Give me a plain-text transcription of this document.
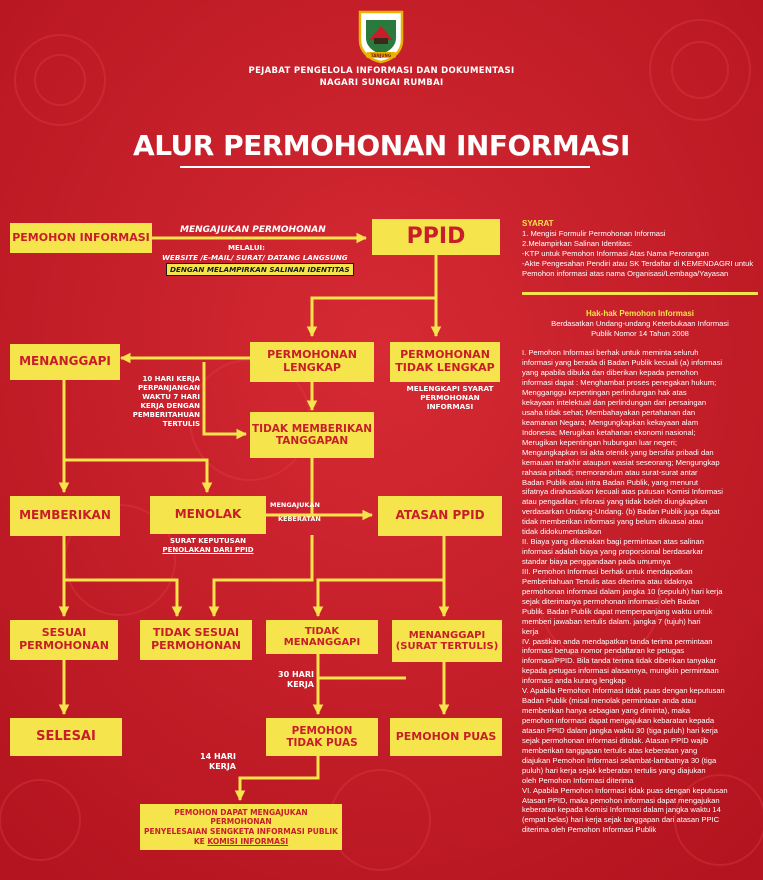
TANJUNG
PEJABAT PENGELOLA INFORMASI DAN DOKUMENTASI
NAGARI SUNGAI RUMBAI
ALUR PERMOHONAN INFORMASI
PEMOHON INFORMASI	PPID
PERMOHONAN
LENGKAP
PERMOHONAN
TIDAK LENGKAP
MENANGGAPI
TIDAK MEMBERIKAN
TANGGAPAN
MEMBERIKAN	MENOLAK	ATASAN PPID
SESUAI
PERMOHONAN
TIDAK SESUAI
PERMOHONAN
TIDAK MENANGGAPI
MENANGGAPI
(SURAT TERTULIS)
SELESAI	PEMOHON
TIDAK PUAS
PEMOHON PUAS
PEMOHON DAPAT MENGAJUKAN PERMOHONAN
PENYELESAIAN SENGKETA INFORMASI PUBLIK
KE KOMISI INFORMASI
MENGAJUKAN PERMOHONAN
MELALUI:
WEBSITE /E-MAIL/ SURAT/ DATANG LANGSUNG
DENGAN MELAMPIRKAN SALINAN IDENTITAS
MELENGKAPI SYARAT
PERMOHONAN INFORMASI
10 HARI KERJA
PERPANJANGAN
WAKTU 7 HARI
KERJA DENGAN
PEMBERITAHUAN
TERTULIS
MENGAJUKAN
KEBERATAN
SURAT KEPUTUSAN
PENOLAKAN DARI PPID
30 HARI
KERJA
14 HARI
KERJA
SYARAT
1. Mengisi Formulir Permohonan Informasi
2.Melampirkan Salinan Identitas:
-KTP untuk Pemohon Informasi Atas Nama Perorangan
-Akte Pengesahan Pendiri atau SK Terdaftar di KEMENDAGRI untuk
Pemohon informasi atas nama Organisasi/Lembaga/Yayasan
Hak-hak Pemohon Informasi
Berdasatkan Undang-undang Keterbukaan Informasi
Publik Nomor 14 Tahun 2008
I. Pemohon Informasi berhak untuk meminta seluruh
informasi yang berada di Badan Publik kecuali (a) informasi
yang apabila dibuka dan diberikan kepada pemohon
informasi dapat : Menghambat proses penegakan hukum;
Mengganggu kepentingan perlindungan hak atas
kekayaan intelektual dan perlindungan dari persaingan
usaha tidak sehat; Membahayakan pertahanan dan
keamanan Negara; Mengungkapkan kekayaan alam
Indonesia; Merugikan ketahanan ekonomi nasional;
Merugikan kepentingan hubungan luar negeri;
Mengungkapkan isi akta otentik yang bersifat pribadi dan
kemauan terakhir ataupun wasiat seseorang; Mengungkap
rahasia pribadi; memorandum atau surat-surat antar
Badan Publik atau intra Badan Publik, yang menurut
sifatnya dirahasiakan kecuali atas putusan Komisi Informasi
atau pengadilan; inforasi yang tidak boleh diungkapkan
verdasarkan Undang-Undang. (b) Badan Publik juga dapat
tidak memberikan informasi yang belum dikuasai atau
tidak didokumentasikan
II. Biaya yang dikenakan bagi permintaan atas salinan
informasi adalah biaya yang proporsional berdasarkar
standar biaya penggandaan pada umumnya
III. Pemohon Informasi berhak untuk mendapatkan
Pemberitahuan Tertulis atas diterima atau tidaknya
permohonan informasi dalam jangka 10 (sepuluh) hari kerja
sejak diterimanya permohonan informasi oleh Badan
Publik. Badan Publik dapat memperpanjang waktu untuk
memberi jawaban tertulis dalam. jangka 7 (tujuh) hari
kerja
IV. pastikan anda mendapatkan tanda terima permintaan
informasi berupa nomor pendaftaran ke petugas
informasi/PPID. Bila tanda terima tidak diberikan tanyakar
kepada petugas informasi alasannya, mungkin permintaan
informasi anda kurang lengkap
V. Apabila Pemohon Informasi tidak puas dengan keputusan
Badan Publik (misal menolak permintaan anda atau
memberikan hanya sebagian yang diminta), maka
pemohon informasi dapat mengajukan kebaratan kepada
atasan PPID dalam jangka waktu 30 (tiga puluh) hari kerja
sejak permohonan informasi ditolak. Atasan PPID wajib
memberikan tanggapan tertulis atas keberatan yang
diajukan Pemohon Informasi selambat-lambatnya 30 (tiga
puluh) hari kerja sejak keberatan tertulis yang diajukan
oleh Pemohon Informasi diterima
VI. Apabila Pemohon Informasi tidak puas dengan keputusan
Atasan PPID, maka pemohon informasi dapat mengajukan
keberatan kepada Komisi Informasi dalam jangka waktu 14
(empat belas) hari kerja sejak tanggapan dari atasan PPIC
diterima oleh Pemohon Informasi Publik
